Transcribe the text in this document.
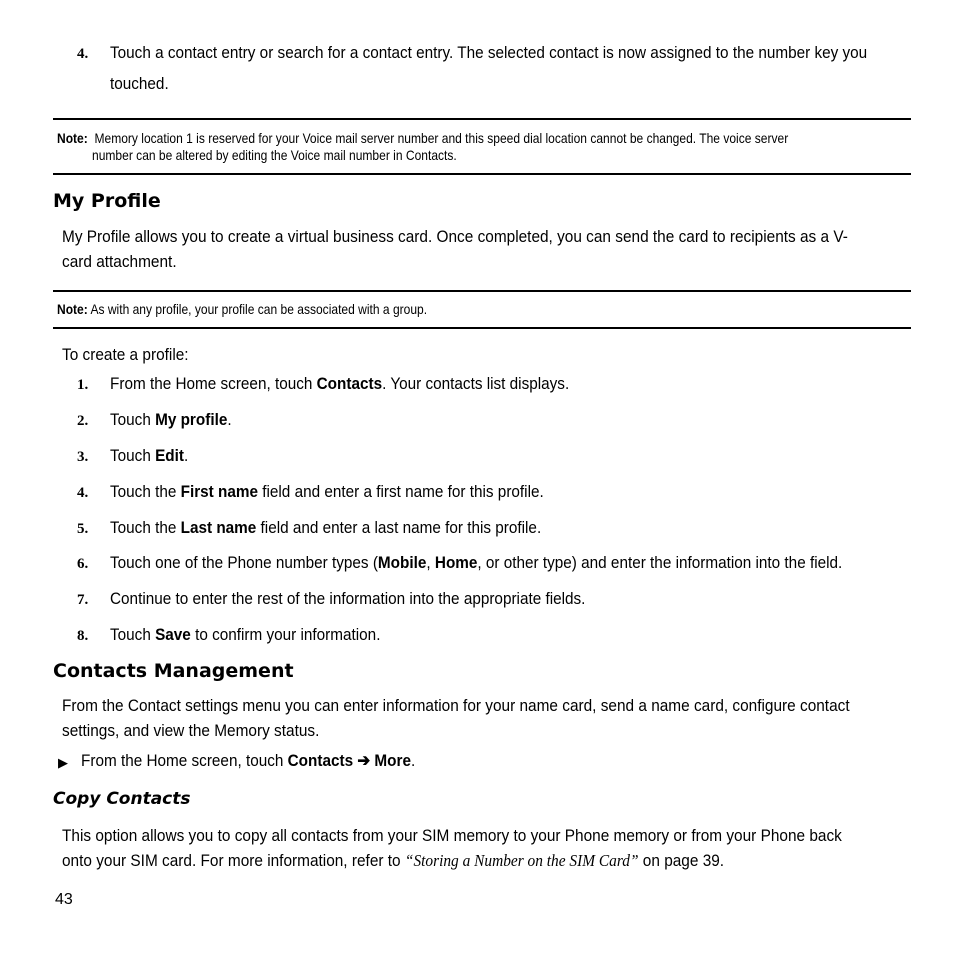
4. Touch a contact entry or search for a contact entry. The selected contact is now assigned to the number key you
touched.
Note: Memory location 1 is reserved for your Voice mail server number and this speed dial location cannot be changed. The voice server
number can be altered by editing the Voice mail number in Contacts.
My Profile
My Profile allows you to create a virtual business card. Once completed, you can send the card to recipients as a V-
card attachment.
Note: As with any profile, your profile can be associated with a group.
To create a profile:
1. From the Home screen, touch Contacts. Your contacts list displays.
2. Touch My profile.
3. Touch Edit.
4. Touch the First name field and enter a first name for this profile.
5. Touch the Last name field and enter a last name for this profile.
6. Touch one of the Phone number types (Mobile, Home, or other type) and enter the information into the field.
7. Continue to enter the rest of the information into the appropriate fields.
8. Touch Save to confirm your information.
Contacts Management
From the Contact settings menu you can enter information for your name card, send a name card, configure contact
settings, and view the Memory status.
▶ From the Home screen, touch Contacts ➔ More.
Copy Contacts
This option allows you to copy all contacts from your SIM memory to your Phone memory or from your Phone back
onto your SIM card. For more information, refer to “Storing a Number on the SIM Card” on page 39.
43
